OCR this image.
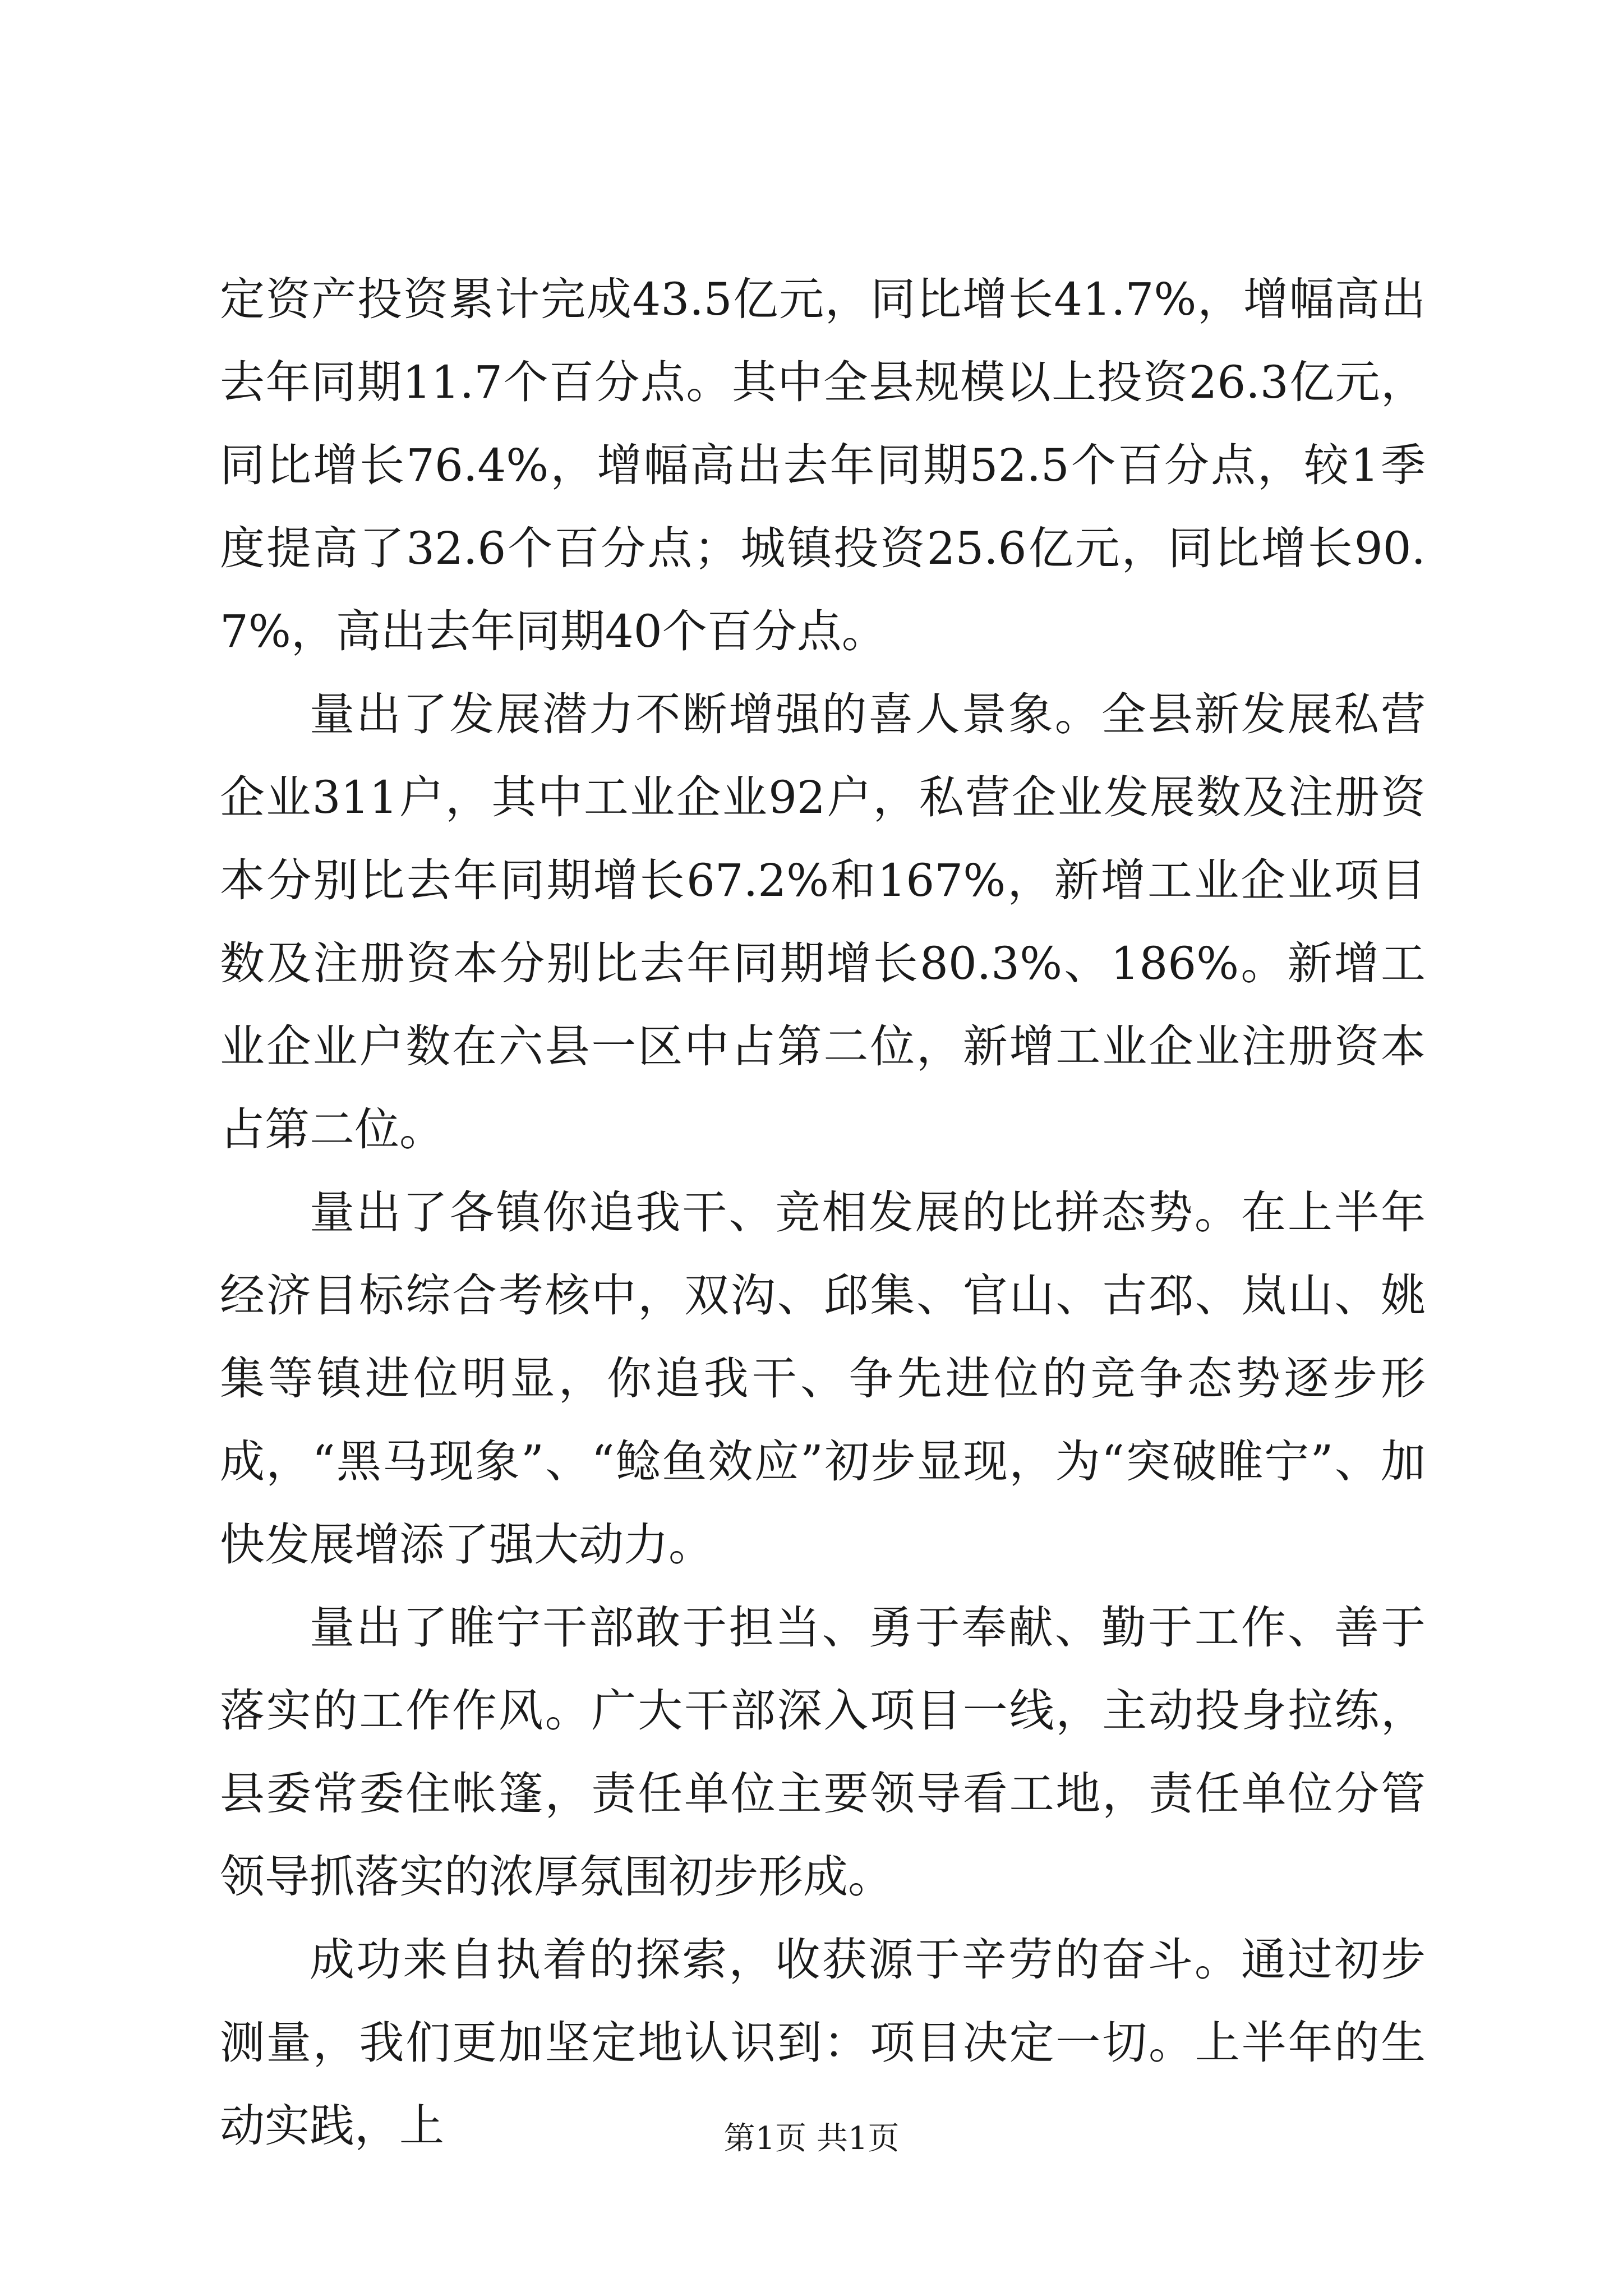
定资产投资累计完成43.5亿元，同比增长41.7%，增幅高出去年同期11.7个百分点。其中全县规模以上投资26.3亿元，同比增长76.4%，增幅高出去年同期52.5个百分点，较1季度提高了32.6个百分点；城镇投资25.6亿元，同比增长90.7%，高出去年同期40个百分点。

量出了发展潜力不断增强的喜人景象。全县新发展私营企业311户，其中工业企业92户，私营企业发展数及注册资本分别比去年同期增长67.2%和167%，新增工业企业项目数及注册资本分别比去年同期增长80.3%、186%。新增工业企业户数在六县一区中占第二位，新增工业企业注册资本占第二位。

量出了各镇你追我干、竞相发展的比拼态势。在上半年经济目标综合考核中，双沟、邱集、官山、古邳、岚山、姚集等镇进位明显，你追我干、争先进位的竞争态势逐步形成，“黑马现象”、“鲶鱼效应”初步显现，为“突破睢宁”、加快发展增添了强大动力。

量出了睢宁干部敢于担当、勇于奉献、勤于工作、善于落实的工作作风。广大干部深入项目一线，主动投身拉练，县委常委住帐篷，责任单位主要领导看工地，责任单位分管领导抓落实的浓厚氛围初步形成。

成功来自执着的探索，收获源于辛劳的奋斗。通过初步测量，我们更加坚定地认识到：项目决定一切。上半年的生动实践，上	第1页 共1页
